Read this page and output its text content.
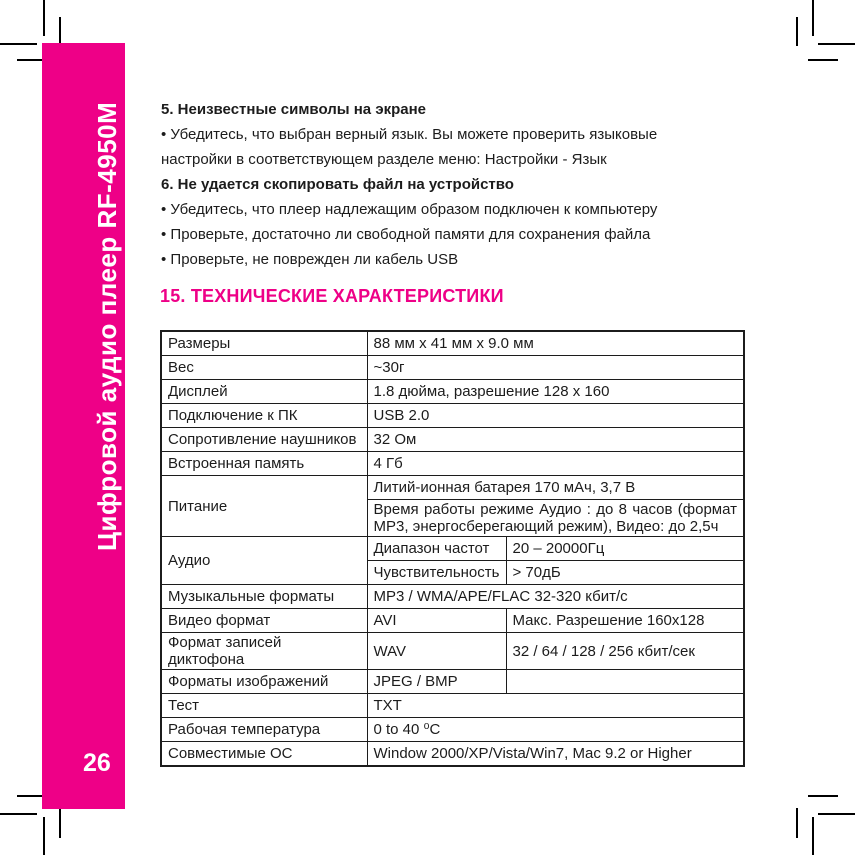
Цифровой аудио плеер RF-4950M
26
5. Неизвестные символы на экране
• Убедитесь, что выбран верный язык. Вы можете проверить языковые
настройки в соответствующем разделе меню: Настройки - Язык
6. Не удается скопировать файл на устройство
• Убедитесь, что плеер надлежащим образом подключен к компьютеру
• Проверьте, достаточно ли свободной памяти для сохранения файла
• Проверьте, не поврежден ли кабель USB
15. ТЕХНИЧЕСКИЕ ХАРАКТЕРИСТИКИ
Размеры	88 мм x 41 мм x 9.0 мм	
Вес	~30г	
Дисплей	1.8 дюйма, разрешение 128 x 160	
Подключение к ПК	USB 2.0	
Сопротивление наушников	32 Ом	
Встроенная память	4 Гб	
Питание	Литий-ионная батарея 170 мАч, 3,7 В	
	Время работы режиме Аудио : до 8 часов (формат МР3, энергосберегающий режим), Видео: до 2,5ч	
Аудио	Диапазон частот	20 – 20000Гц
	Чувствительность	> 70дБ
Музыкальные форматы	MP3 / WMA/APE/FLAC 32-320 кбит/с	
Видео формат	AVI	Макс. Разрешение 160x128
Формат записей диктофона	WAV	32 / 64 / 128 / 256 кбит/сек
Форматы изображений	JPEG / BMP	
Тест	TXT	
Рабочая температура	0 to 40 ⁰C	
Совместимые ОС	Window 2000/XP/Vista/Win7, Mac 9.2 or Higher	
